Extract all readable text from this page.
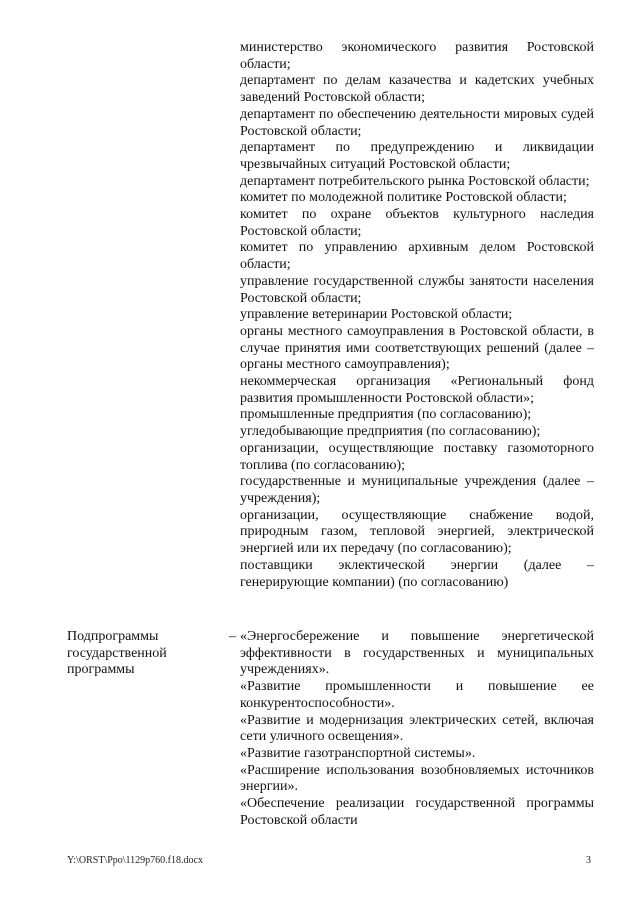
министерство экономического развития Ростовской области;

департамент по делам казачества и кадетских учебных заведений Ростовской области;

департамент по обеспечению деятельности мировых судей Ростовской области;

департамент по предупреждению и ликвидации чрезвычайных ситуаций Ростовской области;

департамент потребительского рынка Ростовской области;

комитет по молодежной политике Ростовской области;

комитет по охране объектов культурного наследия Ростовской области;

комитет по управлению архивным делом Ростовской области;

управление государственной службы занятости населения Ростовской области;

управление ветеринарии Ростовской области;

органы местного самоуправления в Ростовской области, в случае принятия ими соответствующих решений (далее – органы местного самоуправления);

некоммерческая организация «Региональный фонд развития промышленности Ростовской области»;

промышленные предприятия (по согласованию);

угледобывающие предприятия (по согласованию);

организации, осуществляющие поставку газомоторного топлива (по согласованию);

государственные и муниципальные учреждения (далее – учреждения);

организации, осуществляющие снабжение водой, природным газом, тепловой энергией, электрической энергией или их передачу (по согласованию);

поставщики эклектической энергии (далее – генерирующие компании) (по согласованию)

Подпрограммы государственной программы
– «Энергосбережение и повышение энергетической эффективности в государственных и муниципальных учреждениях».

«Развитие промышленности и повышение ее конкурентоспособности».

«Развитие и модернизация электрических сетей, включая сети уличного освещения».

«Развитие газотранспортной системы».

«Расширение использования возобновляемых источников энергии».

«Обеспечение реализации государственной программы Ростовской области

Y:\ORST\Ppo\1129p760.f18.docx	3
